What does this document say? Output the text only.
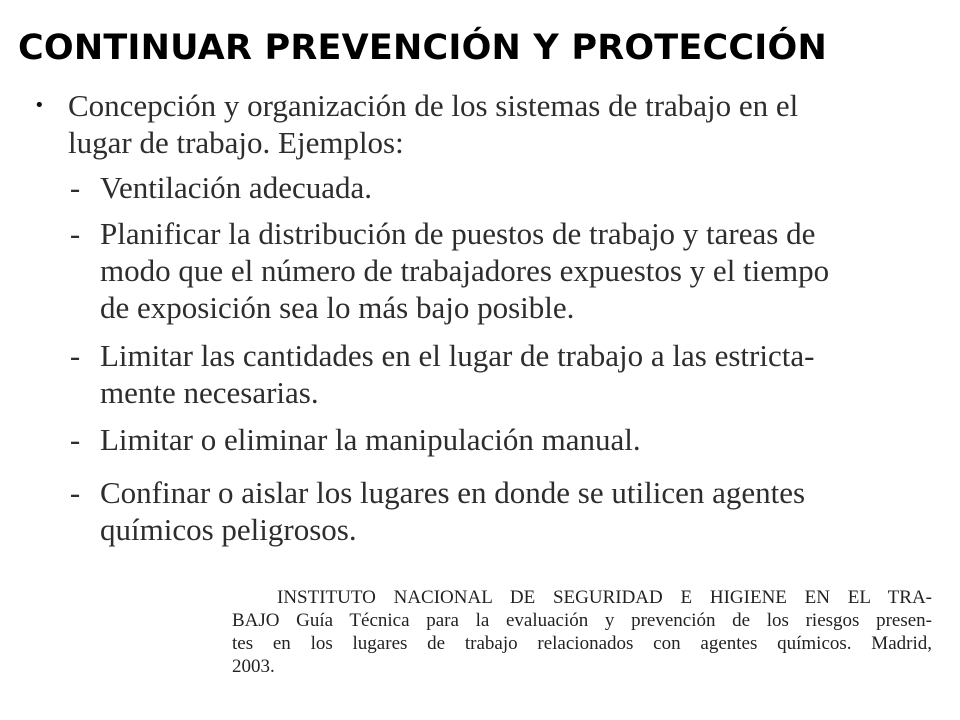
CONTINUAR PREVENCIÓN Y PROTECCIÓN
• Concepción y organización de los sistemas de trabajo en el
lugar de trabajo. Ejemplos:
- Ventilación adecuada.
- Planificar la distribución de puestos de trabajo y tareas de
modo que el número de trabajadores expuestos y el tiempo
de exposición sea lo más bajo posible.
- Limitar las cantidades en el lugar de trabajo a las estricta-
mente necesarias.
- Limitar o eliminar la manipulación manual.
- Confinar o aislar los lugares en donde se utilicen agentes
químicos peligrosos.
INSTITUTO NACIONAL DE SEGURIDAD E HIGIENE EN EL TRA-
BAJO Guía Técnica para la evaluación y prevención de los riesgos presen-
tes en los lugares de trabajo relacionados con agentes químicos. Madrid,
2003.
